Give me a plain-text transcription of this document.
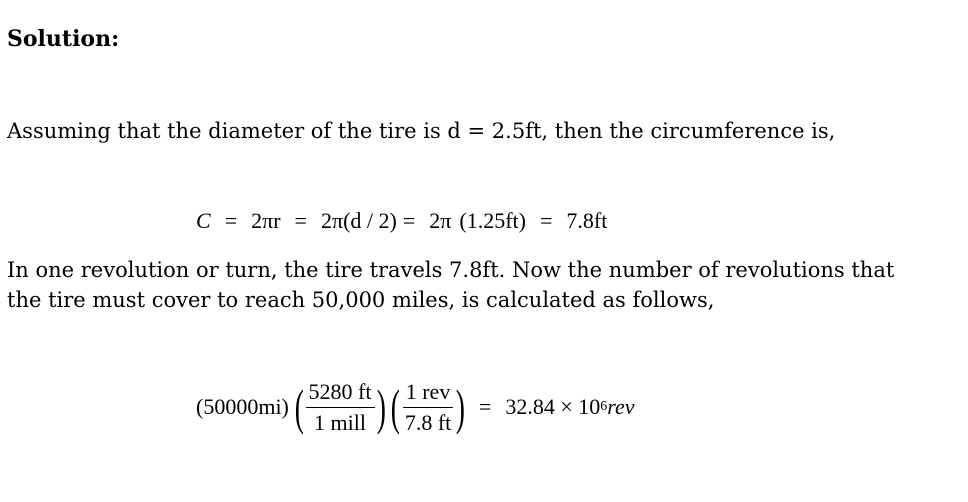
Solution:
Assuming that the diameter of the tire is d = 2.5ft, then the circumference is,
C = 2πr = 2π(d / 2) = 2π (1.25ft) = 7.8ft
In one revolution or turn, the tire travels 7.8ft. Now the number of revolutions that
the tire must cover to reach 50,000 miles, is calculated as follows,
(50000mi) ( $\frac{5280 ft}{\text{1 mill}}$ ) ( $\frac{\text{1 rev}}{7.8 ft}$ ) = 32.84 × 10 6 rev
